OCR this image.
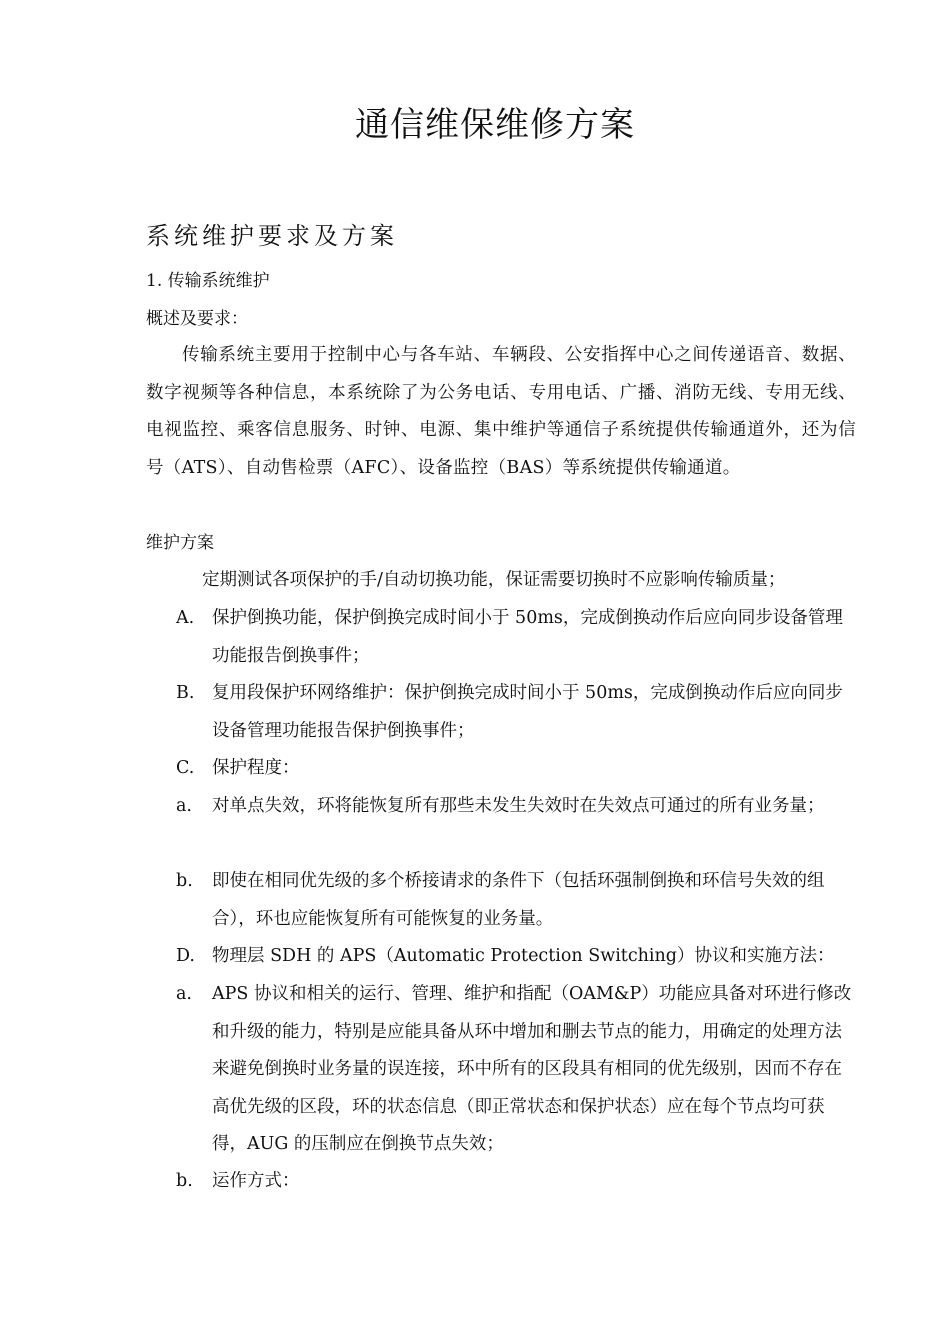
通信维保维修方案
系统维护要求及方案
1. 传输系统维护
概述及要求：
传输系统主要用于控制中心与各车站、车辆段、公安指挥中心之间传递语音、数据、数字视频等各种信息，本系统除了为公务电话、专用电话、广播、消防无线、专用无线、电视监控、乘客信息服务、时钟、电源、集中维护等通信子系统提供传输通道外，还为信号（ATS）、自动售检票（AFC）、设备监控（BAS）等系统提供传输通道。
维护方案
定期测试各项保护的手/自动切换功能，保证需要切换时不应影响传输质量；
A.	保护倒换功能，保护倒换完成时间小于 50ms，完成倒换动作后应向同步设备管理功能报告倒换事件；
B.	复用段保护环网络维护：保护倒换完成时间小于 50ms，完成倒换动作后应向同步设备管理功能报告保护倒换事件；
C.	保护程度：
a.	对单点失效，环将能恢复所有那些未发生失效时在失效点可通过的所有业务量；
b.	即使在相同优先级的多个桥接请求的条件下（包括环强制倒换和环信号失效的组合），环也应能恢复所有可能恢复的业务量。
D. 物理层 SDH 的 APS（Automatic Protection Switching）协议和实施方法：
a.	APS 协议和相关的运行、管理、维护和指配（OAM&P）功能应具备对环进行修改和升级的能力，特别是应能具备从环中增加和删去节点的能力，用确定的处理方法来避免倒换时业务量的误连接，环中所有的区段具有相同的优先级别，因而不存在高优先级的区段，环的状态信息（即正常状态和保护状态）应在每个节点均可获得，AUG 的压制应在倒换节点失效；
b.	运作方式：
